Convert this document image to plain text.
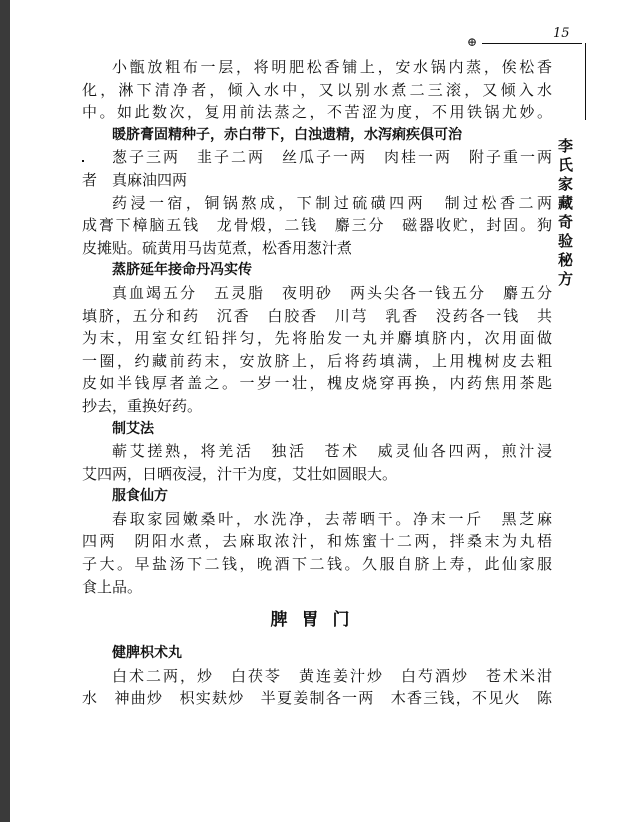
15
⊕
李氏家藏奇验秘方
小甑放粗布一层，将明肥松香铺上，安水锅内蒸，俟松香
化，淋下清净者，倾入水中，又以别水煮二三滚，又倾入水
中。如此数次，复用前法蒸之，不苦涩为度，不用铁锅尤妙。
暖脐膏固精种子，赤白带下，白浊遗精，水泻痢疾俱可治
葱子三两　韭子二两　丝瓜子一两　肉桂一两　附子重一两
者　真麻油四两
药浸一宿，铜锅熬成，下制过硫磺四两　制过松香二两
成膏下樟脑五钱　龙骨煅，二钱　麝三分　磁器收贮，封固。狗
皮摊贴。硫黄用马齿苋煮，松香用葱汁煮
蒸脐延年接命丹冯实传
真血竭五分　五灵脂　夜明砂　两头尖各一钱五分　麝五分
填脐，五分和药　沉香　白胶香　川芎　乳香　没药各一钱　共
为末，用室女红铅拌匀，先将胎发一丸并麝填脐内，次用面做
一圈，约藏前药末，安放脐上，后将药填满，上用槐树皮去粗
皮如半钱厚者盖之。一岁一壮，槐皮烧穿再换，内药焦用茶匙
抄去，重换好药。
制艾法
蕲艾搓熟，将羌活　独活　苍术　威灵仙各四两，煎汁浸
艾四两，日晒夜浸，汁干为度，艾壮如圆眼大。
服食仙方
春取家园嫩桑叶，水洗净，去蒂晒干。净末一斤　黑芝麻
四两　阴阳水煮，去麻取浓汁，和炼蜜十二两，拌桑末为丸梧
子大。早盐汤下二钱，晚酒下二钱。久服自脐上寿，此仙家服
食上品。
脾胃门
健脾枳术丸
白术二两，炒　白茯苓　黄连姜汁炒　白芍酒炒　苍术米泔
水　神曲炒　枳实麸炒　半夏姜制各一两　木香三钱，不见火　陈
